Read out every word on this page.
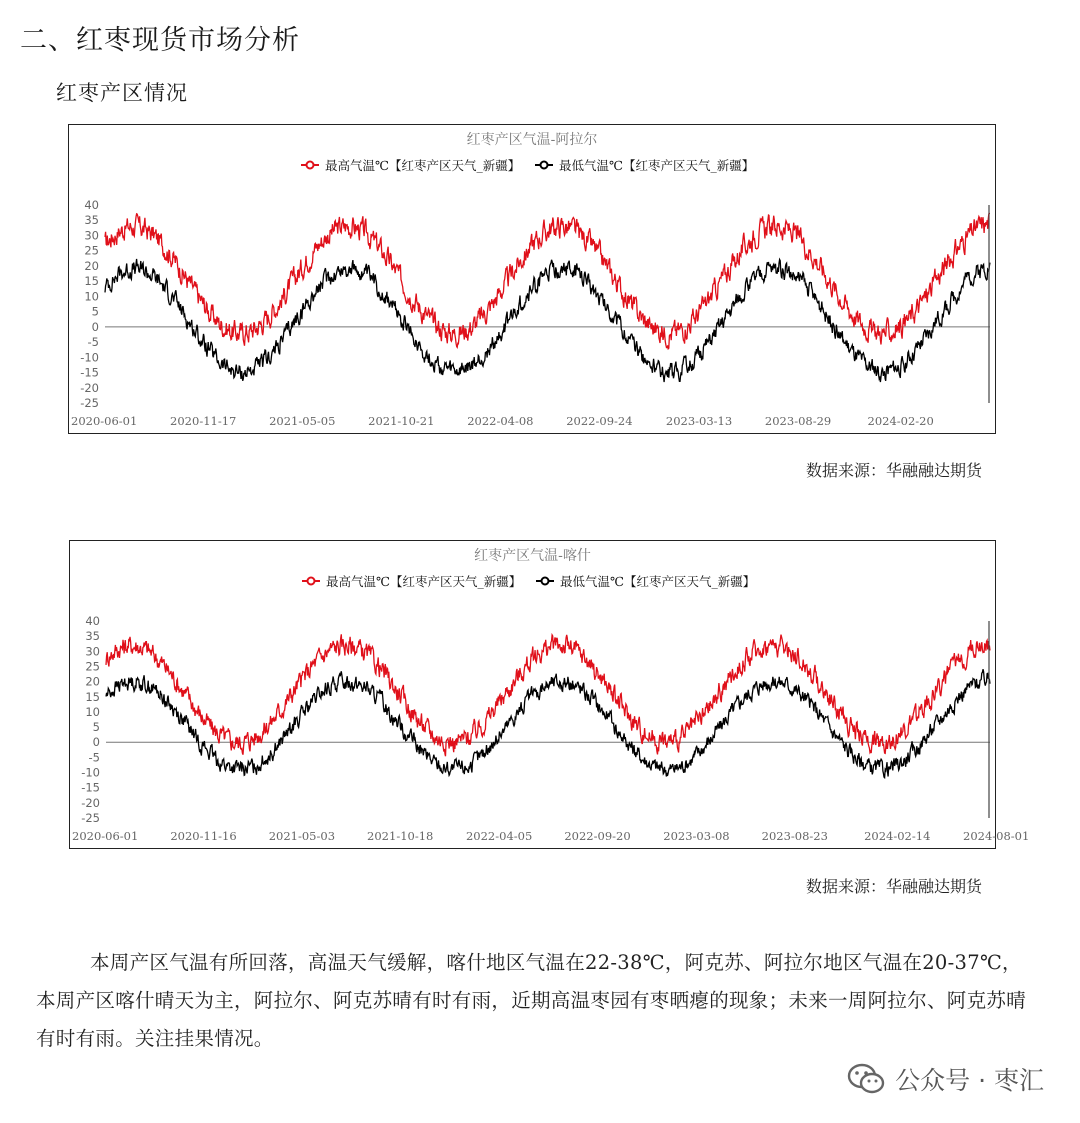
二、红枣现货市场分析
红枣产区情况
红枣产区气温-阿拉尔
最高气温℃【红枣产区天气_新疆】	最低气温℃【红枣产区天气_新疆】
40
35
30
25
20
15
10
5
0
-5
-10
-15
-20
-25
2020-06-01	2020-11-17	2021-05-05	2021-10-21	2022-04-08	2022-09-24	2023-03-13	2023-08-29	2024-02-20
数据来源：华融融达期货
红枣产区气温-喀什
最高气温℃【红枣产区天气_新疆】	最低气温℃【红枣产区天气_新疆】
40
35
30
25
20
15
10
5
0
-5
-10
-15
-20
-25
2020-06-01	2020-11-16	2021-05-03	2021-10-18	2022-04-05	2022-09-20	2023-03-08	2023-08-23	2024-02-14	2024-08-01
数据来源：华融融达期货
本周产区气温有所回落，高温天气缓解，喀什地区气温在22-38℃，阿克苏、阿拉尔地区气温在20-37℃，本周产区喀什晴天为主，阿拉尔、阿克苏晴有时有雨，近期高温枣园有枣晒瘪的现象；未来一周阿拉尔、阿克苏晴有时有雨。关注挂果情况。
公众号 · 枣汇
